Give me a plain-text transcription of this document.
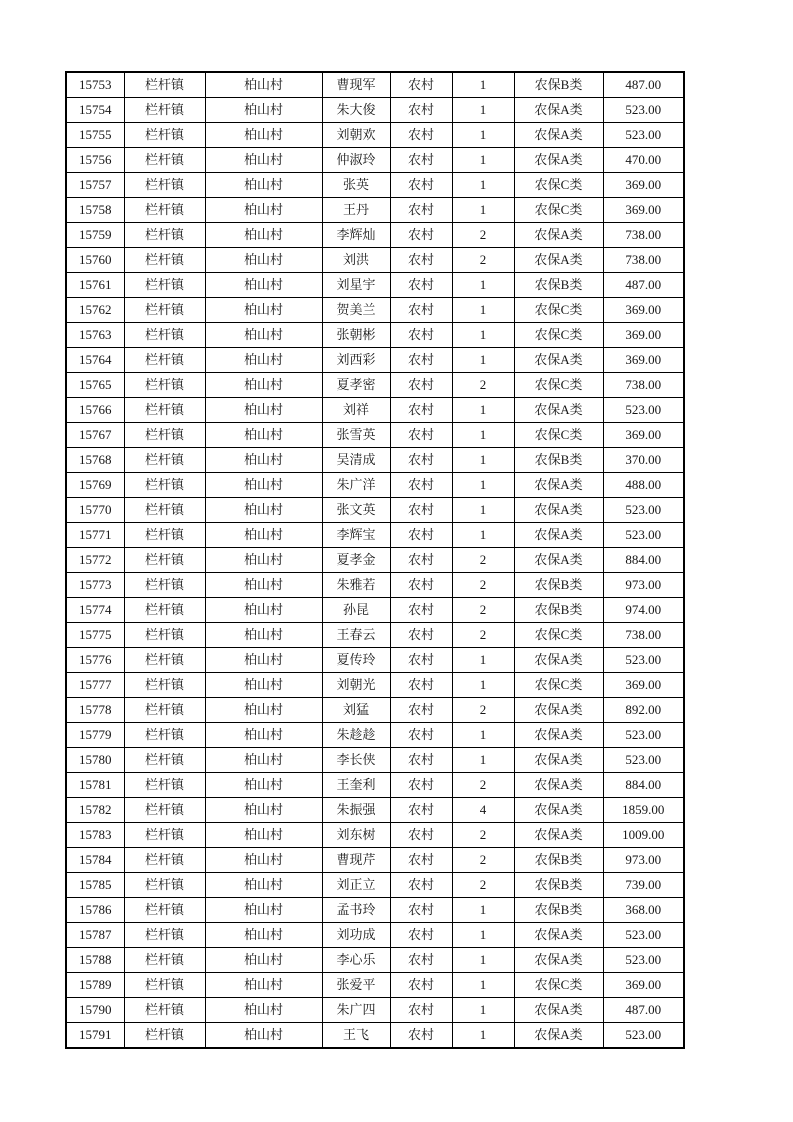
15753	栏杆镇	柏山村	曹现军	农村	1	农保B类	487.00
15754	栏杆镇	柏山村	朱大俊	农村	1	农保A类	523.00
15755	栏杆镇	柏山村	刘朝欢	农村	1	农保A类	523.00
15756	栏杆镇	柏山村	仲淑玲	农村	1	农保A类	470.00
15757	栏杆镇	柏山村	张英	农村	1	农保C类	369.00
15758	栏杆镇	柏山村	王丹	农村	1	农保C类	369.00
15759	栏杆镇	柏山村	李辉灿	农村	2	农保A类	738.00
15760	栏杆镇	柏山村	刘洪	农村	2	农保A类	738.00
15761	栏杆镇	柏山村	刘星宇	农村	1	农保B类	487.00
15762	栏杆镇	柏山村	贺美兰	农村	1	农保C类	369.00
15763	栏杆镇	柏山村	张朝彬	农村	1	农保C类	369.00
15764	栏杆镇	柏山村	刘西彩	农村	1	农保A类	369.00
15765	栏杆镇	柏山村	夏孝密	农村	2	农保C类	738.00
15766	栏杆镇	柏山村	刘祥	农村	1	农保A类	523.00
15767	栏杆镇	柏山村	张雪英	农村	1	农保C类	369.00
15768	栏杆镇	柏山村	吴清成	农村	1	农保B类	370.00
15769	栏杆镇	柏山村	朱广洋	农村	1	农保A类	488.00
15770	栏杆镇	柏山村	张文英	农村	1	农保A类	523.00
15771	栏杆镇	柏山村	李辉宝	农村	1	农保A类	523.00
15772	栏杆镇	柏山村	夏孝金	农村	2	农保A类	884.00
15773	栏杆镇	柏山村	朱雅若	农村	2	农保B类	973.00
15774	栏杆镇	柏山村	孙昆	农村	2	农保B类	974.00
15775	栏杆镇	柏山村	王春云	农村	2	农保C类	738.00
15776	栏杆镇	柏山村	夏传玲	农村	1	农保A类	523.00
15777	栏杆镇	柏山村	刘朝光	农村	1	农保C类	369.00
15778	栏杆镇	柏山村	刘猛	农村	2	农保A类	892.00
15779	栏杆镇	柏山村	朱趁趁	农村	1	农保A类	523.00
15780	栏杆镇	柏山村	李长侠	农村	1	农保A类	523.00
15781	栏杆镇	柏山村	王奎利	农村	2	农保A类	884.00
15782	栏杆镇	柏山村	朱振强	农村	4	农保A类	1859.00
15783	栏杆镇	柏山村	刘东树	农村	2	农保A类	1009.00
15784	栏杆镇	柏山村	曹现芹	农村	2	农保B类	973.00
15785	栏杆镇	柏山村	刘正立	农村	2	农保B类	739.00
15786	栏杆镇	柏山村	孟书玲	农村	1	农保B类	368.00
15787	栏杆镇	柏山村	刘功成	农村	1	农保A类	523.00
15788	栏杆镇	柏山村	李心乐	农村	1	农保A类	523.00
15789	栏杆镇	柏山村	张爱平	农村	1	农保C类	369.00
15790	栏杆镇	柏山村	朱广四	农村	1	农保A类	487.00
15791	栏杆镇	柏山村	王飞	农村	1	农保A类	523.00
